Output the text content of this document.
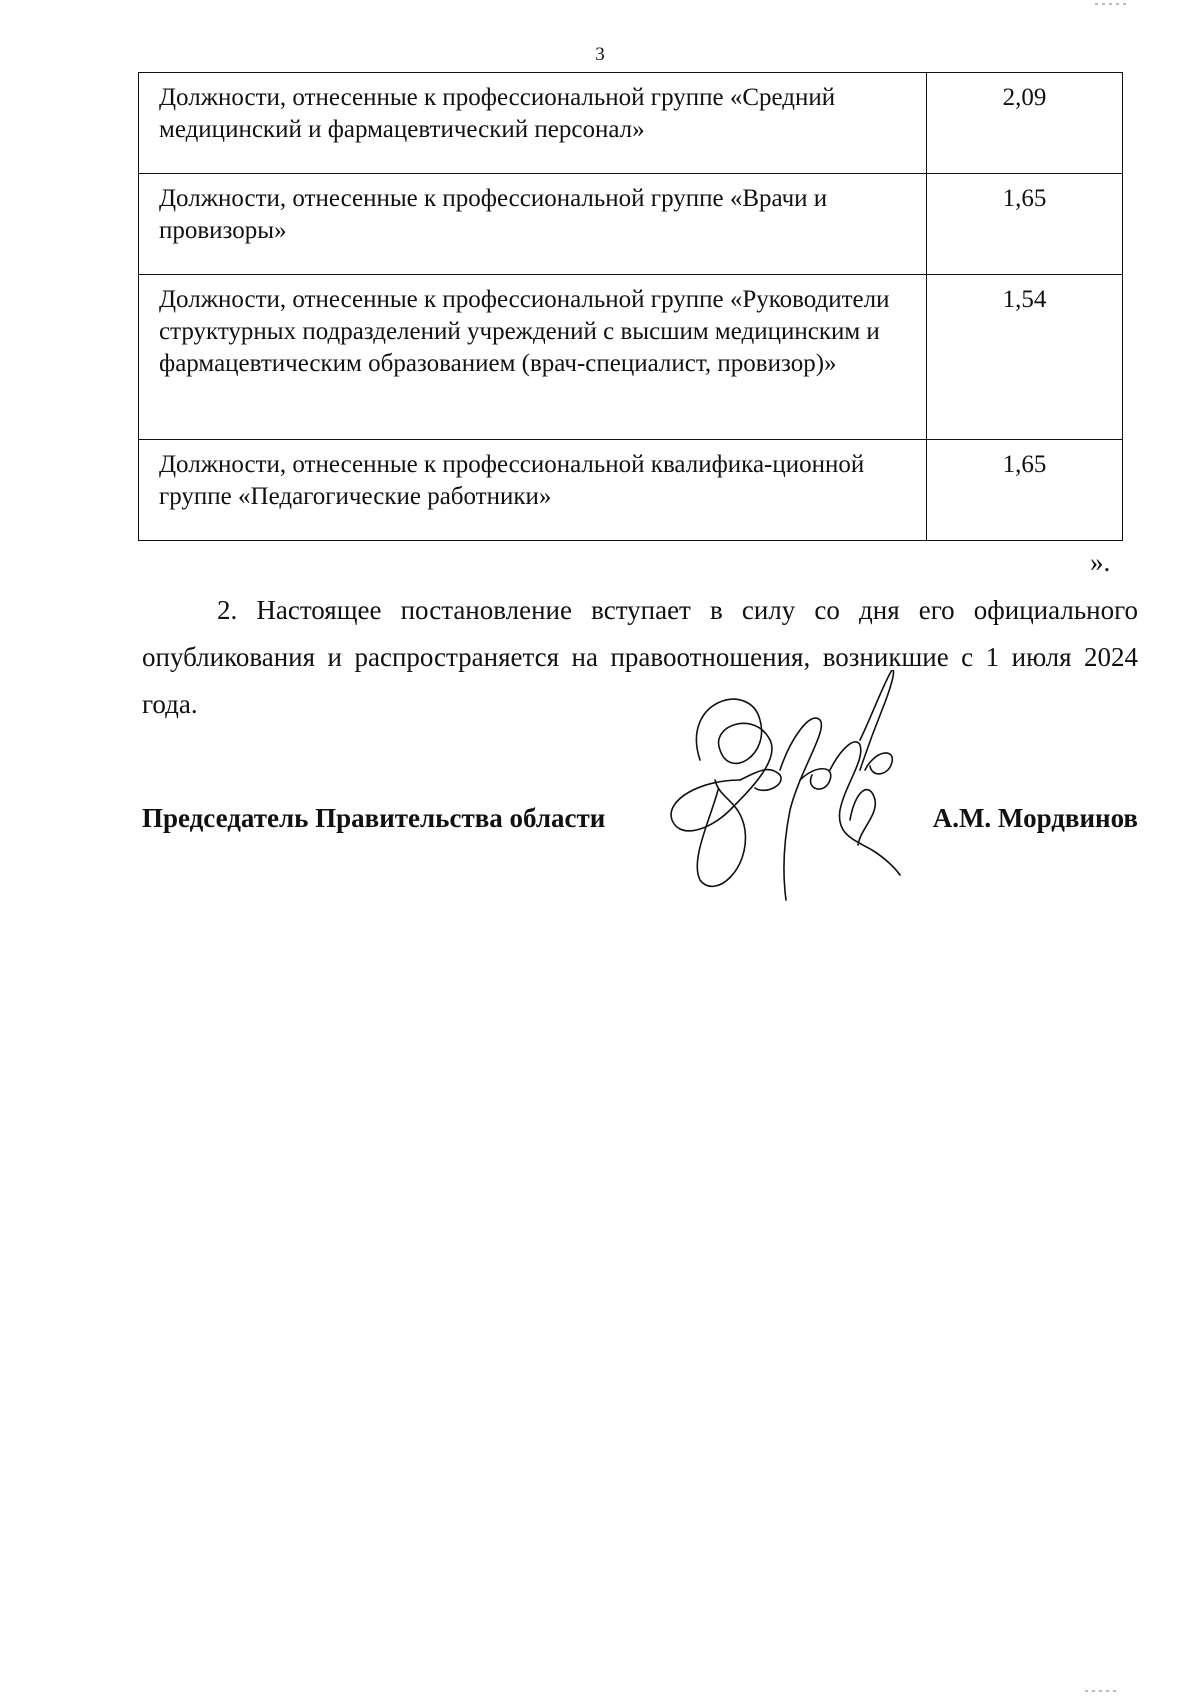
3
Должности, отнесенные к профессиональной группе «Средний медицинский и фармацевтический персонал»	2,09
Должности, отнесенные к профессиональной группе «Врачи и провизоры»	1,65
Должности, отнесенные к профессиональной группе «Руководители структурных подразделений учреждений с высшим медицинским и фармацевтическим образованием (врач-специалист, провизор)»	1,54
Должности, отнесенные к профессиональной квалифика-ционной группе «Педагогические работники»	1,65
».

2. Настоящее постановление вступает в силу со дня его официального опубликования и распространяется на правоотношения, возникшие с 1 июля 2024 года.

Председатель Правительства области	А.М. Мордвинов
